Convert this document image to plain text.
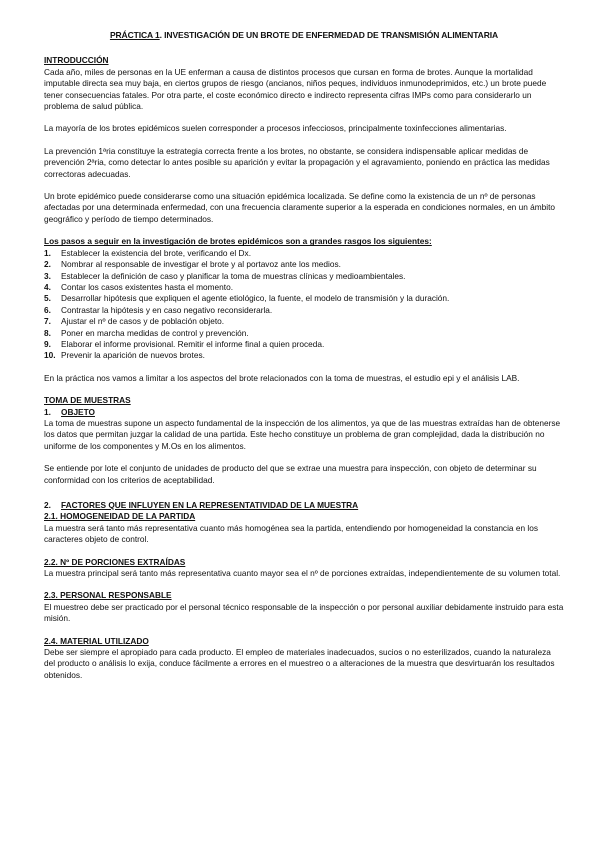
PRÁCTICA 1. INVESTIGACIÓN DE UN BROTE DE ENFERMEDAD DE TRANSMISIÓN ALIMENTARIA
INTRODUCCIÓN

Cada año, miles de personas en la UE enferman a causa de distintos procesos que cursan en forma de brotes. Aunque la mortalidad imputable directa sea muy baja, en ciertos grupos de riesgo (ancianos, niños peques, individuos inmunodeprimidos, etc.) un brote puede tener consecuencias fatales. Por otra parte, el coste económico directo e indirecto representa cifras IMPs como para considerarlo un problema de salud pública.

La mayoría de los brotes epidémicos suelen corresponder a procesos infecciosos, principalmente toxinfecciones alimentarias.

La prevención 1ªria constituye la estrategia correcta frente a los brotes, no obstante, se considera indispensable aplicar medidas de prevención 2ªria, como detectar lo antes posible su aparición y evitar la propagación y el agravamiento, poniendo en práctica las medidas correctoras adecuadas.

Un brote epidémico puede considerarse como una situación epidémica localizada. Se define como la existencia de un nº de personas afectadas por una determinada enfermedad, con una frecuencia claramente superior a la esperada en condiciones normales, en un ámbito geográfico y período de tiempo determinados.

Los pasos a seguir en la investigación de brotes epidémicos son a grandes rasgos los siguientes:
1.	Establecer la existencia del brote, verificando el Dx.
2.	Nombrar al responsable de investigar el brote y al portavoz ante los medios.
3.	Establecer la definición de caso y planificar la toma de muestras clínicas y medioambientales.
4.	Contar los casos existentes hasta el momento.
5.	Desarrollar hipótesis que expliquen el agente etiológico, la fuente, el modelo de transmisión y la duración.
6.	Contrastar la hipótesis y en caso negativo reconsiderarla.
7.	Ajustar el nº de casos y de población objeto.
8.	Poner en marcha medidas de control y prevención.
9.	Elaborar el informe provisional. Remitir el informe final a quien proceda.
10. Prevenir la aparición de nuevos brotes.

En la práctica nos vamos a limitar a los aspectos del brote relacionados con la toma de muestras, el estudio epi y el análisis LAB.

TOMA DE MUESTRAS
1.	OBJETO

La toma de muestras supone un aspecto fundamental de la inspección de los alimentos, ya que de las muestras extraídas han de obtenerse los datos que permitan juzgar la calidad de una partida. Este hecho constituye un problema de gran complejidad, dada la distribución no uniforme de los componentes y M.Os en los alimentos.

Se entiende por lote el conjunto de unidades de producto del que se extrae una muestra para inspección, con objeto de determinar su conformidad con los criterios de aceptabilidad.

2.	FACTORES QUE INFLUYEN EN LA REPRESENTATIVIDAD DE LA MUESTRA
2.1. HOMOGENEIDAD DE LA PARTIDA

La muestra será tanto más representativa cuanto más homogénea sea la partida, entendiendo por homogeneidad la constancia en los caracteres objeto de control.

2.2. Nº DE PORCIONES EXTRAÍDAS

La muestra principal será tanto más representativa cuanto mayor sea el nº de porciones extraídas, independientemente de su volumen total.

2.3. PERSONAL RESPONSABLE

El muestreo debe ser practicado por el personal técnico responsable de la inspección o por personal auxiliar debidamente instruido para esta misión.

2.4. MATERIAL UTILIZADO

Debe ser siempre el apropiado para cada producto. El empleo de materiales inadecuados, sucios o no esterilizados, cuando la naturaleza del producto o análisis lo exija, conduce fácilmente a errores en el muestreo o a alteraciones de la muestra que desvirtuarán los resultados obtenidos.
